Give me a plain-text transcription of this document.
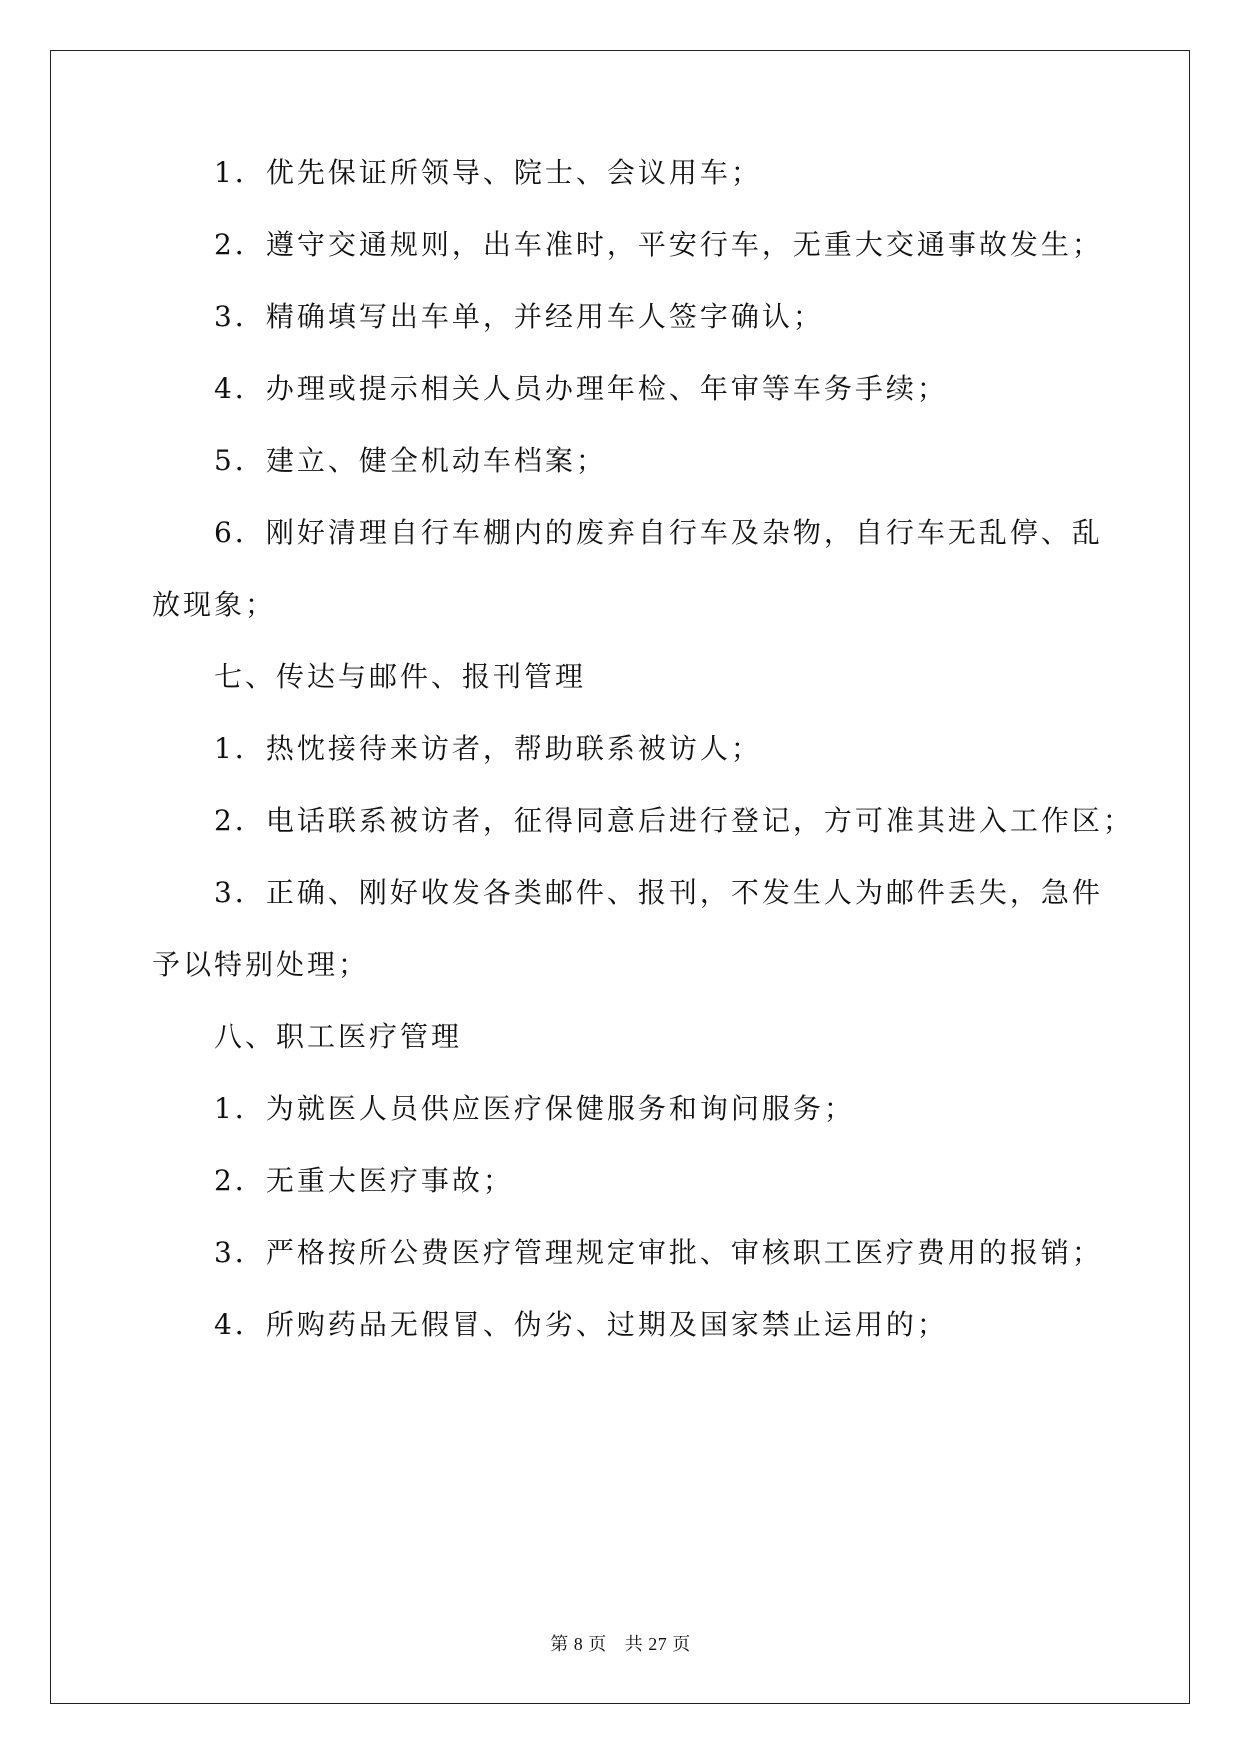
1．优先保证所领导、院士、会议用车；
2．遵守交通规则，出车准时，平安行车，无重大交通事故发生；
3．精确填写出车单，并经用车人签字确认；
4．办理或提示相关人员办理年检、年审等车务手续；
5．建立、健全机动车档案；
6．刚好清理自行车棚内的废弃自行车及杂物，自行车无乱停、乱
放现象；
七、传达与邮件、报刊管理
1．热忱接待来访者，帮助联系被访人；
2．电话联系被访者，征得同意后进行登记，方可准其进入工作区；
3．正确、刚好收发各类邮件、报刊，不发生人为邮件丢失，急件
予以特别处理；
八、职工医疗管理
1．为就医人员供应医疗保健服务和询问服务；
2．无重大医疗事故；
3．严格按所公费医疗管理规定审批、审核职工医疗费用的报销；
4．所购药品无假冒、伪劣、过期及国家禁止运用的；
第 8 页 共 27 页
